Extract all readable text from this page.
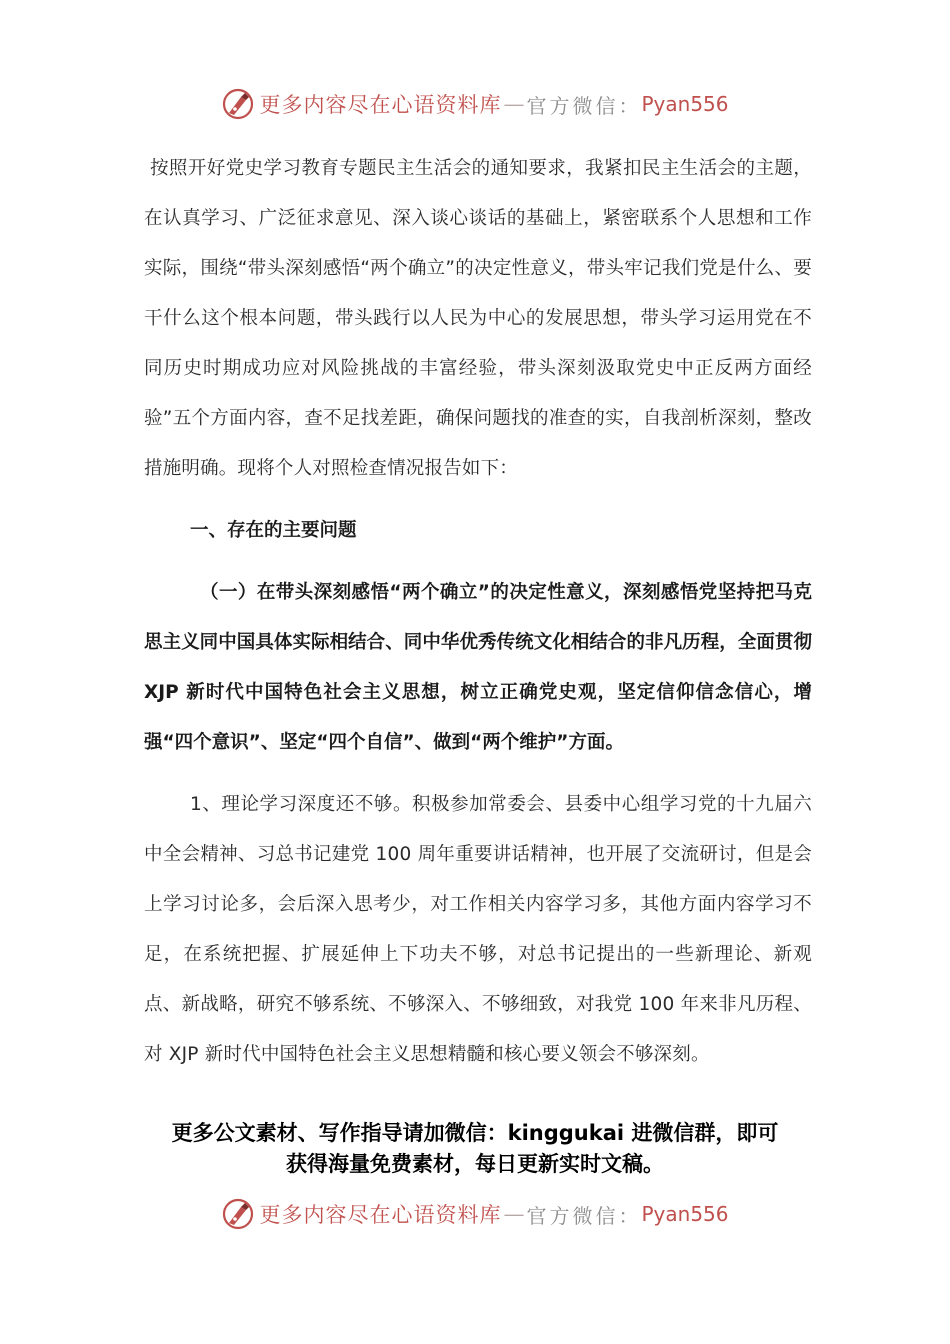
更多内容尽在心语资料库 — 官方微信： Pyan556

按照开好党史学习教育专题民主生活会的通知要求，我紧扣民主生活会的主题，在认真学习、广泛征求意见、深入谈心谈话的基础上，紧密联系个人思想和工作实际，围绕“带头深刻感悟“两个确立”的决定性意义，带头牢记我们党是什么、要干什么这个根本问题，带头践行以人民为中心的发展思想，带头学习运用党在不同历史时期成功应对风险挑战的丰富经验，带头深刻汲取党史中正反两方面经验”五个方面内容，查不足找差距，确保问题找的准查的实，自我剖析深刻，整改措施明确。现将个人对照检查情况报告如下：

一、存在的主要问题

（一）在带头深刻感悟“两个确立”的决定性意义，深刻感悟党坚持把马克思主义同中国具体实际相结合、同中华优秀传统文化相结合的非凡历程，全面贯彻 XJP 新时代中国特色社会主义思想，树立正确党史观，坚定信仰信念信心，增强“四个意识”、坚定“四个自信”、做到“两个维护”方面。

1、理论学习深度还不够。积极参加常委会、县委中心组学习党的十九届六中全会精神、习总书记建党 100 周年重要讲话精神，也开展了交流研讨，但是会上学习讨论多，会后深入思考少，对工作相关内容学习多，其他方面内容学习不足，在系统把握、扩展延伸上下功夫不够，对总书记提出的一些新理论、新观点、新战略，研究不够系统、不够深入、不够细致，对我党 100 年来非凡历程、对 XJP 新时代中国特色社会主义思想精髓和核心要义领会不够深刻。

更多公文素材、写作指导请加微信：kinggukai 进微信群，即可
获得海量免费素材，每日更新实时文稿。
更多内容尽在心语资料库 — 官方微信： Pyan556
